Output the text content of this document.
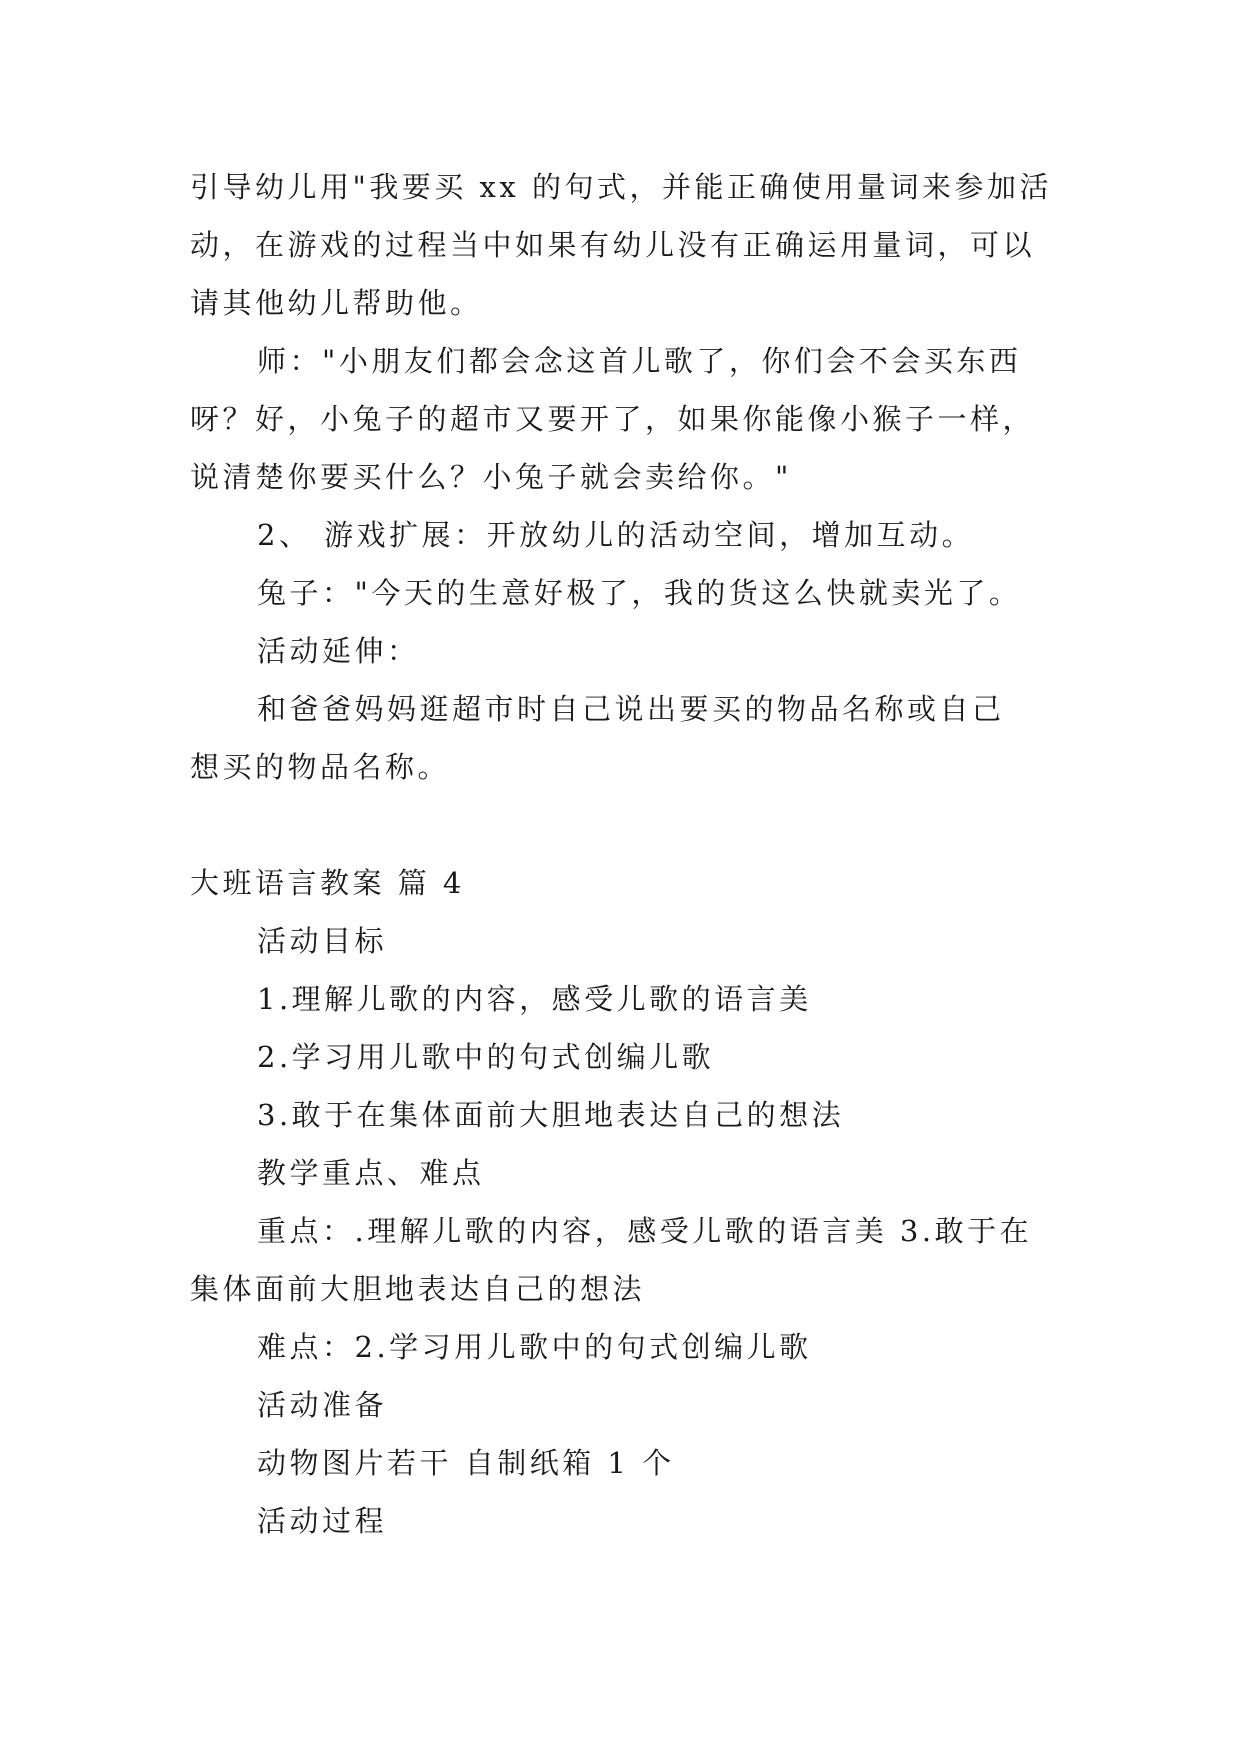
引导幼儿用"我要买 xx 的句式，并能正确使用量词来参加活
动，在游戏的过程当中如果有幼儿没有正确运用量词，可以
请其他幼儿帮助他。
师："小朋友们都会念这首儿歌了，你们会不会买东西
呀？好，小兔子的超市又要开了，如果你能像小猴子一样，
说清楚你要买什么？小兔子就会卖给你。"
2、 游戏扩展：开放幼儿的活动空间，增加互动。
兔子："今天的生意好极了，我的货这么快就卖光了。
活动延伸：
和爸爸妈妈逛超市时自己说出要买的物品名称或自己
想买的物品名称。
大班语言教案 篇 4
活动目标
1.理解儿歌的内容，感受儿歌的语言美
2.学习用儿歌中的句式创编儿歌
3.敢于在集体面前大胆地表达自己的想法
教学重点、难点
重点：.理解儿歌的内容，感受儿歌的语言美 3.敢于在
集体面前大胆地表达自己的想法
难点：2.学习用儿歌中的句式创编儿歌
活动准备
动物图片若干 自制纸箱 1 个
活动过程
